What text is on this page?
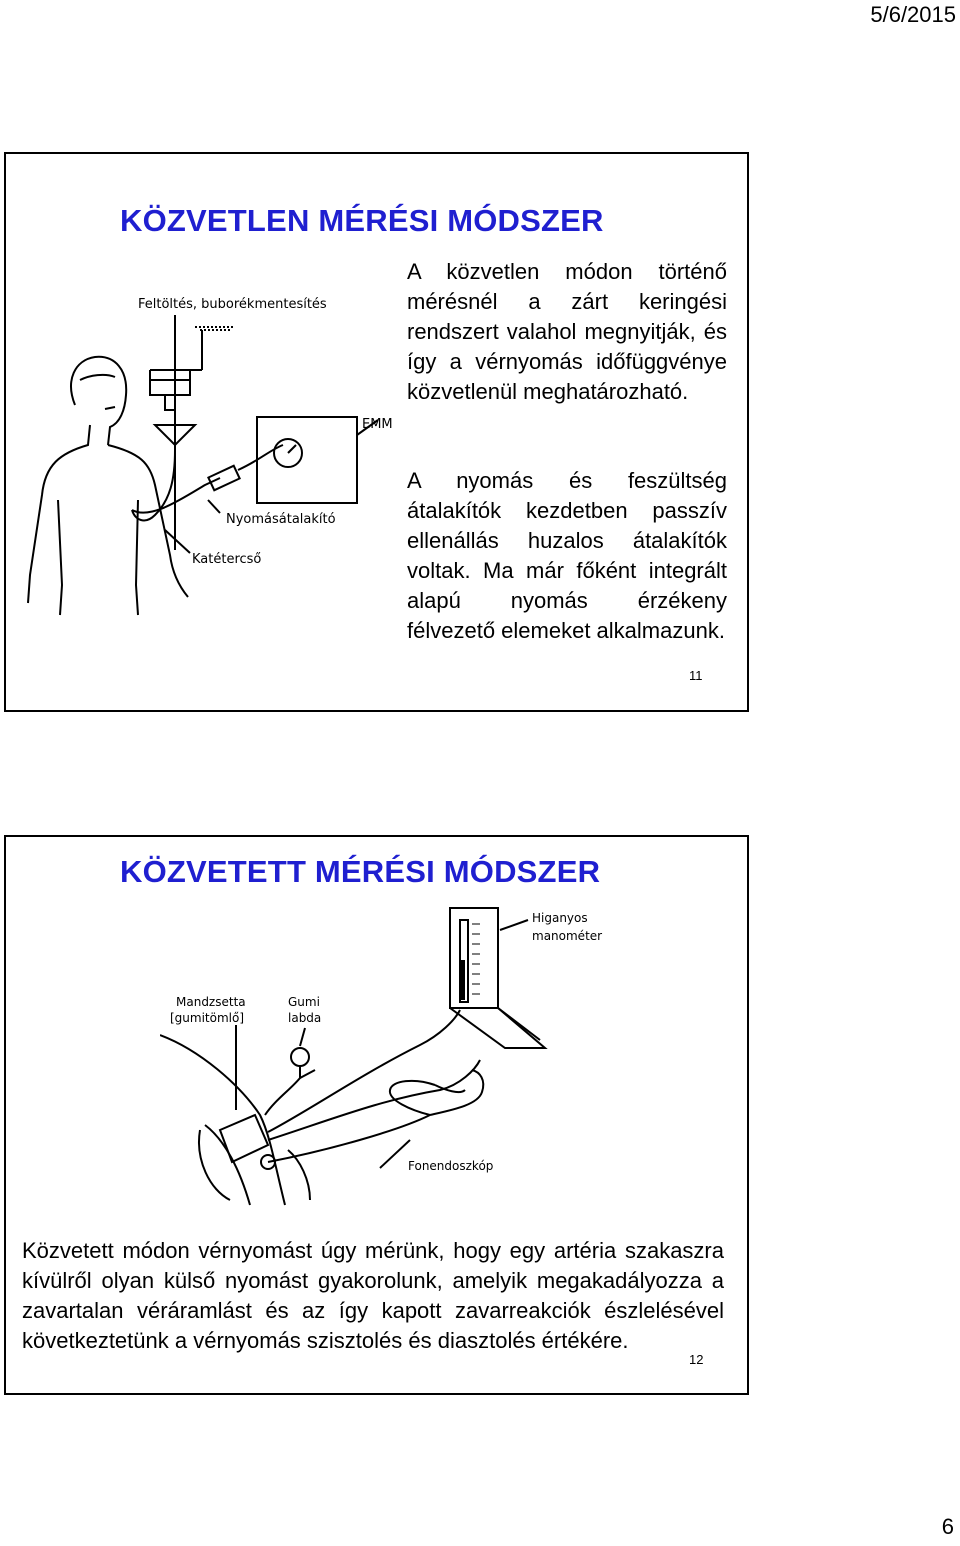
5/6/2015
KÖZVETLEN MÉRÉSI MÓDSZER
Feltöltés, buborékmentesítés
EMM
Nyomásátalakító
Katétercső
A közvetlen módon történő mérésnél a zárt keringési rendszert valahol megnyitják, és így a vérnyomás időfüggvénye közvetlenül meghatározható.
A nyomás és feszültség átalakítók kezdetben passzív ellenállás huzalos átalakítók voltak. Ma már főként integrált alapú nyomás érzékeny félvezető elemeket alkalmazunk.
11
KÖZVETETT MÉRÉSI MÓDSZER
Higanyos
manométer
Mandzsetta
[gumitömlő]
Gumi
labda
Fonendoszkóp
Közvetett módon vérnyomást úgy mérünk, hogy egy artéria szakaszra kívülről olyan külső nyomást gyakorolunk, amelyik megakadályozza a zavartalan véráramlást és az így kapott zavarreakciók észlelésével következtetünk a vérnyomás szisztolés és diasztolés értékére.
12
6
